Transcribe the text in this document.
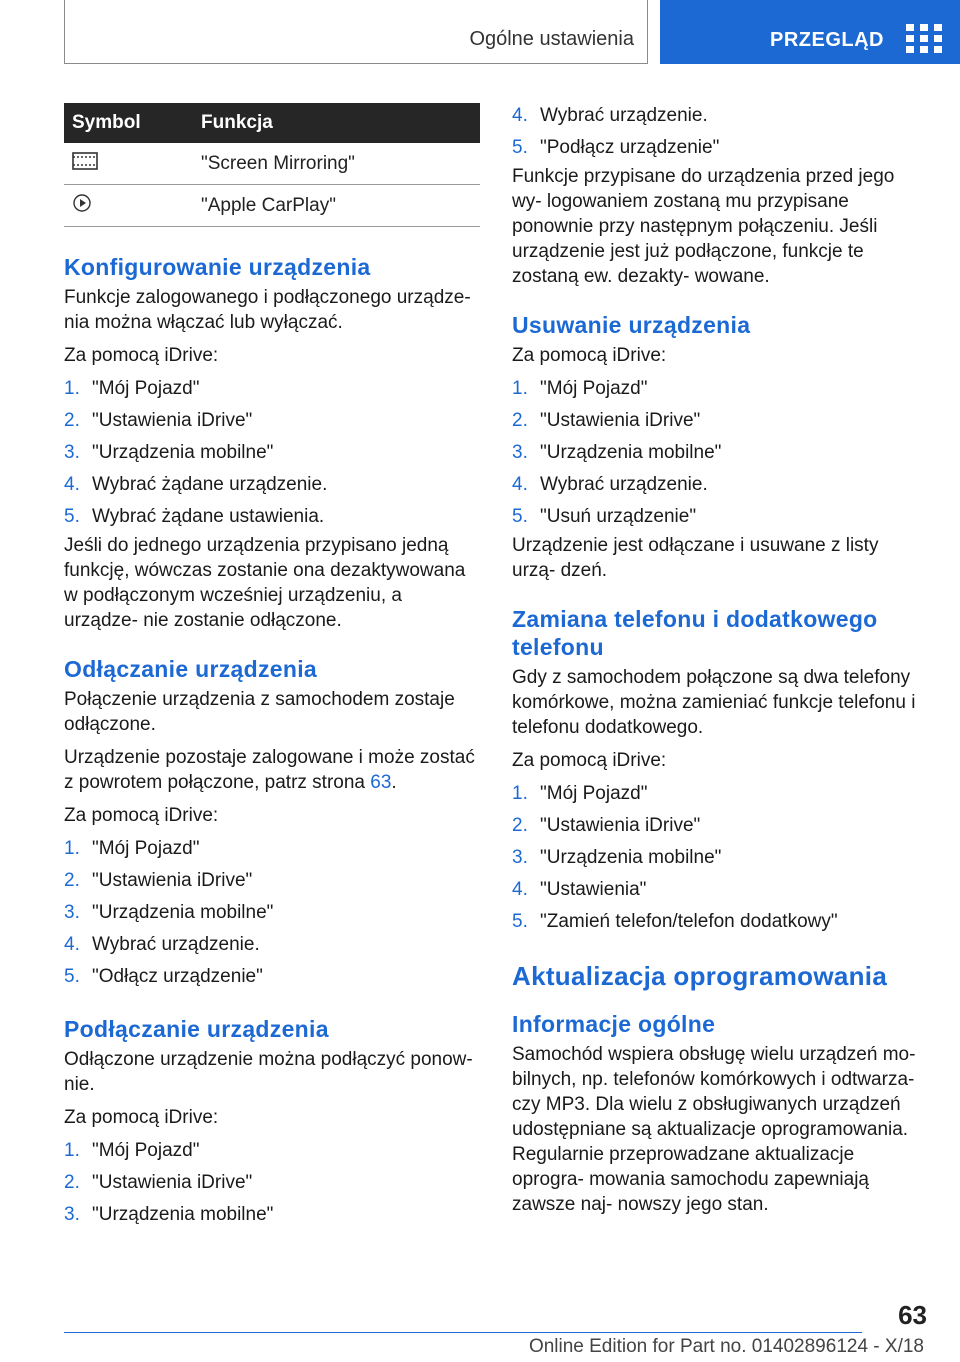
Ogólne ustawienia	PRZEGLĄD
Symbol	Funkcja
	"Screen Mirroring"
	"Apple CarPlay"
Konfigurowanie urządzenia

Funkcje zalogowanego i podłączonego urządze‐ nia można włączać lub wyłączać.

Za pomocą iDrive:

1. "Mój Pojazd"
2. "Ustawienia iDrive"
3. "Urządzenia mobilne"
4. Wybrać żądane urządzenie.
5. Wybrać żądane ustawienia.

Jeśli do jednego urządzenia przypisano jedną funkcję, wówczas zostanie ona dezaktywowana w podłączonym wcześniej urządzeniu, a urządze‐ nie zostanie odłączone.

Odłączanie urządzenia

Połączenie urządzenia z samochodem zostaje odłączone.

Urządzenie pozostaje zalogowane i może zostać z powrotem połączone, patrz strona 63.

Za pomocą iDrive:

1. "Mój Pojazd"
2. "Ustawienia iDrive"
3. "Urządzenia mobilne"
4. Wybrać urządzenie.
5. "Odłącz urządzenie"
Podłączanie urządzenia

Odłączone urządzenie można podłączyć ponow‐ nie.

Za pomocą iDrive:

1. "Mój Pojazd"
2. "Ustawienia iDrive"
3. "Urządzenia mobilne"
4. Wybrać urządzenie.
5. "Podłącz urządzenie"

Funkcje przypisane do urządzenia przed jego wy‐ logowaniem zostaną mu przypisane ponownie przy następnym połączeniu. Jeśli urządzenie jest już podłączone, funkcje te zostaną ew. dezakty‐ wowane.

Usuwanie urządzenia

Za pomocą iDrive:

1. "Mój Pojazd"
2. "Ustawienia iDrive"
3. "Urządzenia mobilne"
4. Wybrać urządzenie.
5. "Usuń urządzenie"

Urządzenie jest odłączane i usuwane z listy urzą‐ dzeń.

Zamiana telefonu i dodatkowego telefonu

Gdy z samochodem połączone są dwa telefony komórkowe, można zamieniać funkcje telefonu i telefonu dodatkowego.

Za pomocą iDrive:

1. "Mój Pojazd"
2. "Ustawienia iDrive"
3. "Urządzenia mobilne"
4. "Ustawienia"
5. "Zamień telefon/telefon dodatkowy"
Aktualizacja oprogramowania
Informacje ogólne

Samochód wspiera obsługę wielu urządzeń mo‐ bilnych, np. telefonów komórkowych i odtwarza‐ czy MP3. Dla wielu z obsługiwanych urządzeń udostępniane są aktualizacje oprogramowania. Regularnie przeprowadzane aktualizacje oprogra‐ mowania samochodu zapewniają zawsze naj‐ nowszy jego stan.

63
Online Edition for Part no. 01402896124 - X/18
